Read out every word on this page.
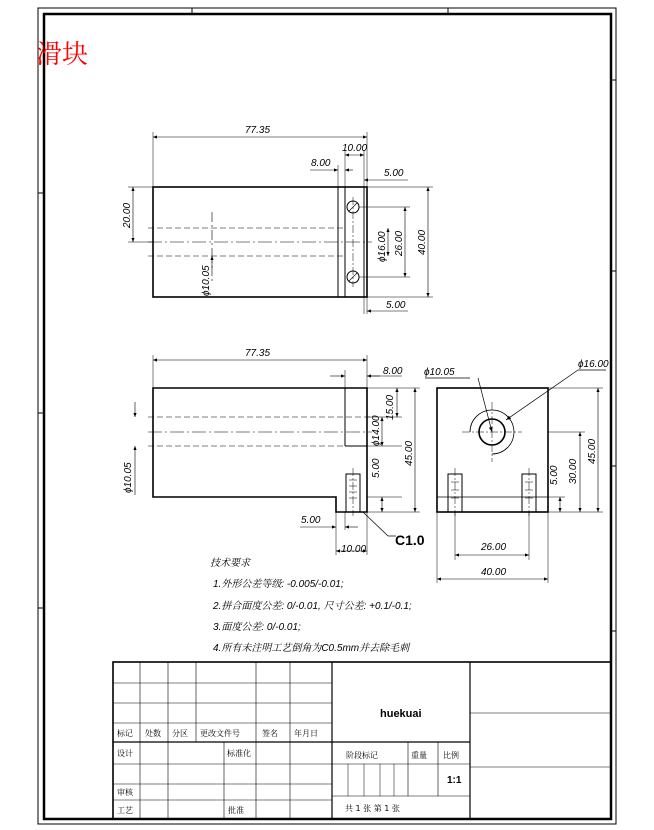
滑块
77.35
10.00
8.00
5.00
20.00
ϕ16.00 26.00 40.00
ϕ10.05
5.00
77.35
8.00
15.00
ϕ14.00
5.00
45.00
ϕ10.05
5.00
10.00
C1.0
ϕ10.05
ϕ16.00
5.00 30.00
45.00
26.00
40.00
技术要求
1.外形公差等级: -0.005/-0.01;
2.拼合面度公差: 0/-0.01, 尺寸公差: +0.1/-0.1;
3.面度公差: 0/-0.01;
4.所有未注明工艺倒角为C0.5mm并去除毛刺
标记 处数 分区 更改文件号	签名 年月日
设计	标准化
审核
工艺	批准
huekuai
阶段标记	重量 比例
1:1
共 1 张 第 1 张
